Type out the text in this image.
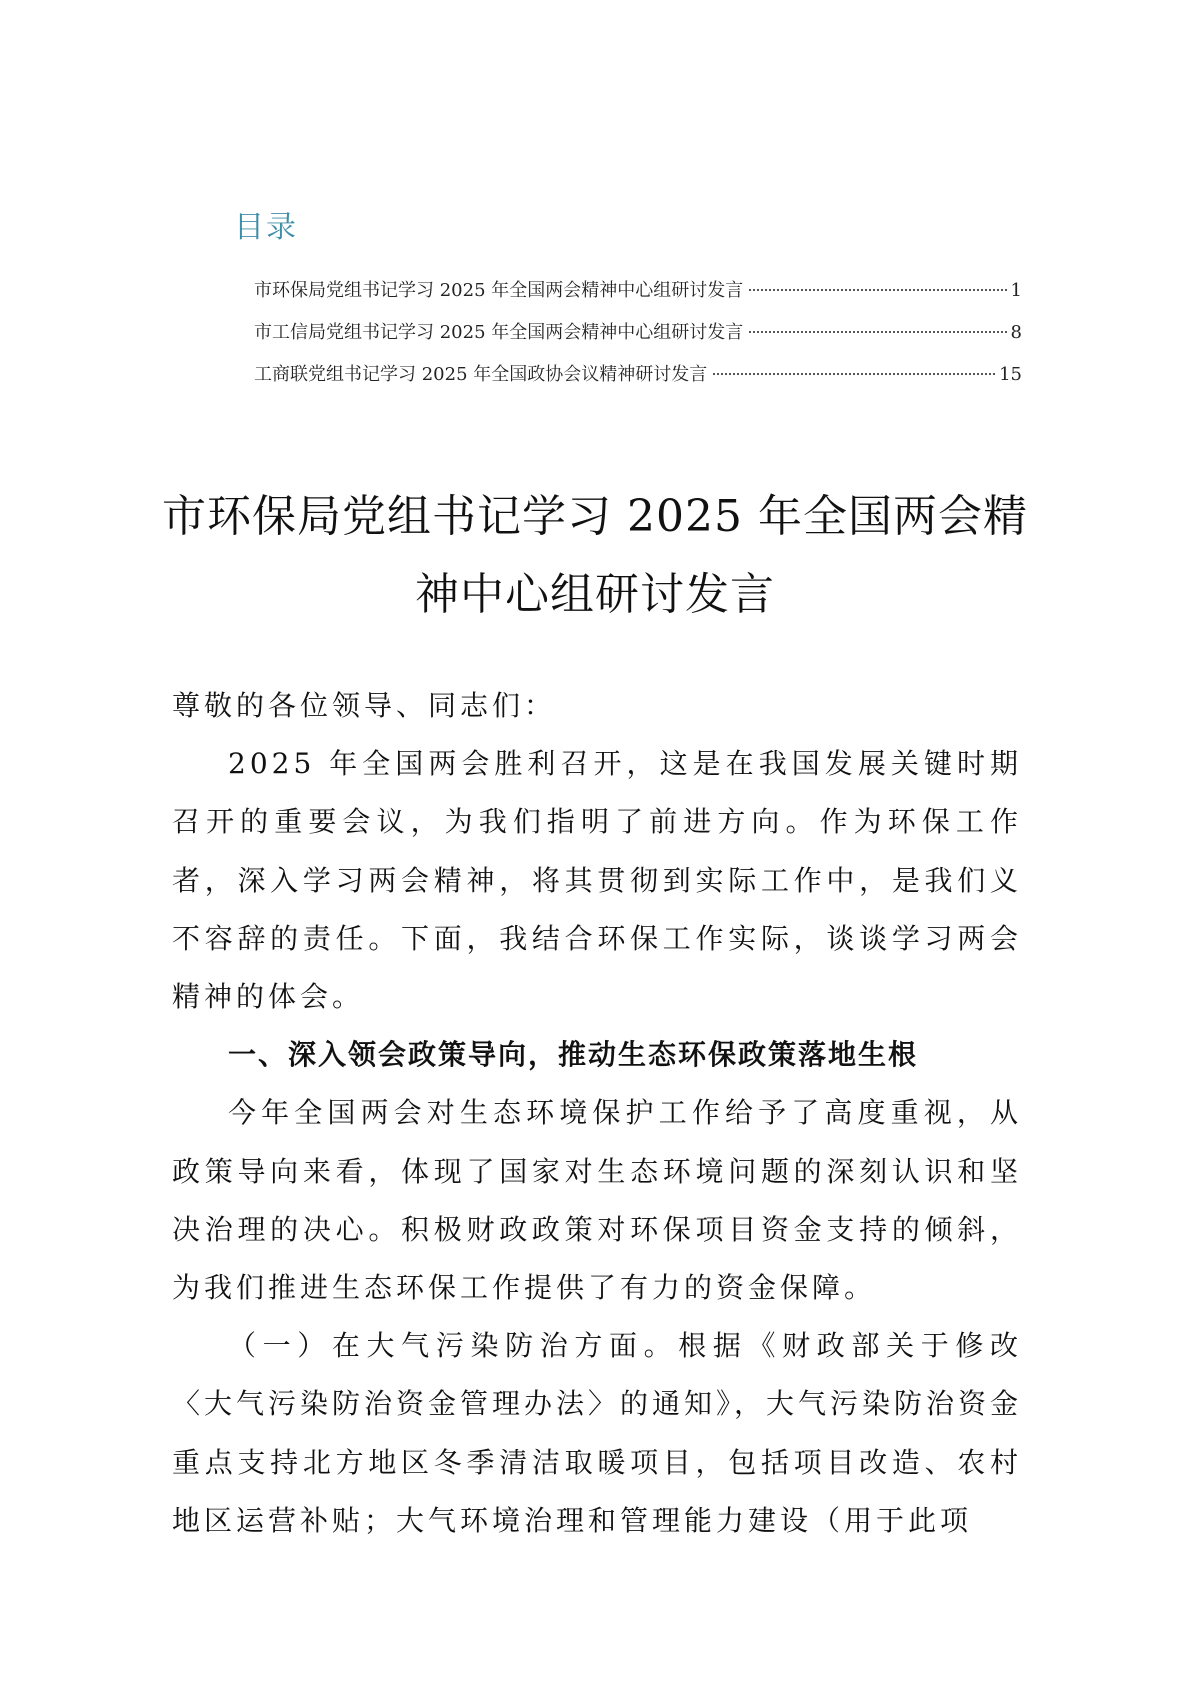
目录
市环保局党组书记学习 2025 年全国两会精神中心组研讨发言	1
市工信局党组书记学习 2025 年全国两会精神中心组研讨发言	8
工商联党组书记学习 2025 年全国政协会议精神研讨发言	15
市环保局党组书记学习 2025 年全国两会精
神中心组研讨发言

尊敬的各位领导、同志们：

2025 年全国两会胜利召开，这是在我国发展关键时期召开的重要会议，为我们指明了前进方向。作为环保工作者，深入学习两会精神，将其贯彻到实际工作中，是我们义不容辞的责任。下面，我结合环保工作实际，谈谈学习两会精神的体会。

一、深入领会政策导向，推动生态环保政策落地生根

今年全国两会对生态环境保护工作给予了高度重视，从政策导向来看，体现了国家对生态环境问题的深刻认识和坚决治理的决心。积极财政政策对环保项目资金支持的倾斜，为我们推进生态环保工作提供了有力的资金保障。

（一）在大气污染防治方面。根据《财政部关于修改〈大气污染防治资金管理办法〉的通知》，大气污染防治资金重点支持北方地区冬季清洁取暖项目，包括项目改造、农村地区运营补贴；大气环境治理和管理能力建设（用于此项
